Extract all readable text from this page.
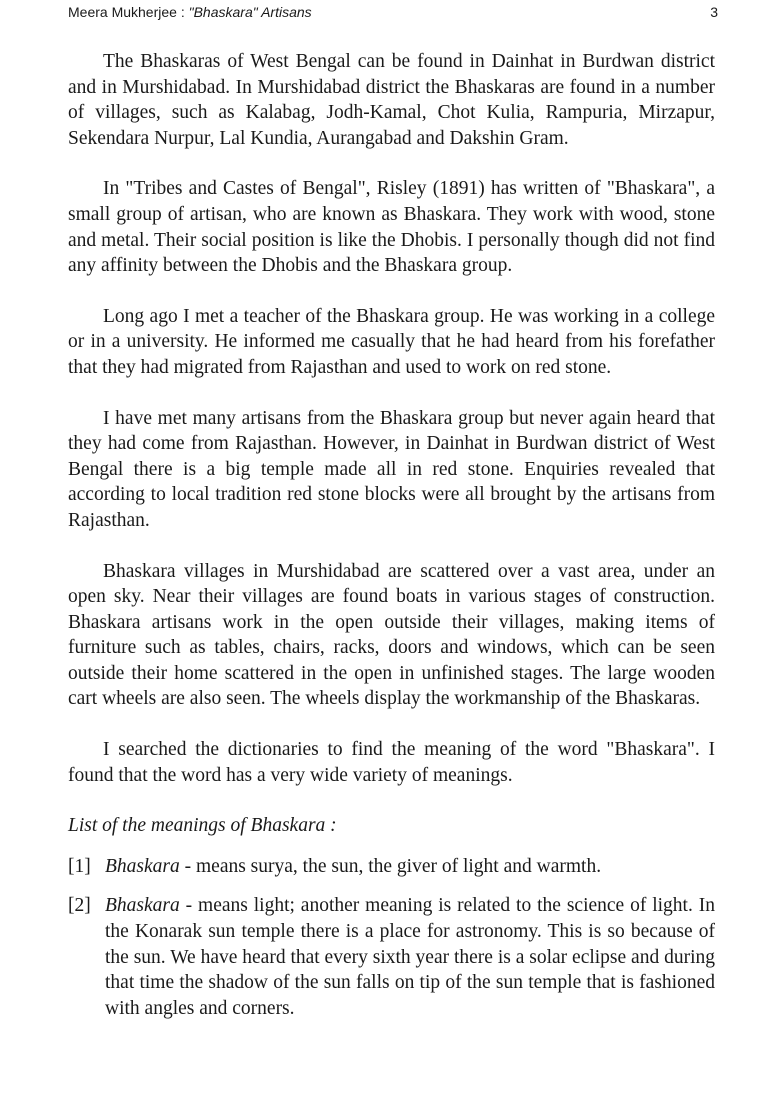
Meera Mukherjee : "Bhaskara" Artisans	3

The Bhaskaras of West Bengal can be found in Dainhat in Burdwan district and in Murshidabad. In Murshidabad district the Bhaskaras are found in a number of villages, such as Kalabag, Jodh-Kamal, Chot Kulia, Rampuria, Mirzapur, Sekendara Nurpur, Lal Kundia, Aurangabad and Dakshin Gram.

In "Tribes and Castes of Bengal", Risley (1891) has written of "Bhaskara", a small group of artisan, who are known as Bhaskara. They work with wood, stone and metal. Their social position is like the Dhobis. I personally though did not find any affinity between the Dhobis and the Bhaskara group.

Long ago I met a teacher of the Bhaskara group. He was working in a college or in a university. He informed me casually that he had heard from his forefather that they had migrated from Rajasthan and used to work on red stone.

I have met many artisans from the Bhaskara group but never again heard that they had come from Rajasthan. However, in Dainhat in Burdwan district of West Bengal there is a big temple made all in red stone. Enquiries revealed that according to local tradition red stone blocks were all brought by the artisans from Rajasthan.

Bhaskara villages in Murshidabad are scattered over a vast area, under an open sky. Near their villages are found boats in various stages of construction. Bhaskara artisans work in the open outside their villages, making items of furniture such as tables, chairs, racks, doors and windows, which can be seen outside their home scattered in the open in unfinished stages. The large wooden cart wheels are also seen. The wheels display the workmanship of the Bhaskaras.

I searched the dictionaries to find the meaning of the word "Bhaskara". I found that the word has a very wide variety of meanings.

List of the meanings of Bhaskara :

[1] Bhaskara - means surya, the sun, the giver of light and warmth.
[2] Bhaskara - means light; another meaning is related to the science of light. In the Konarak sun temple there is a place for astronomy. This is so because of the sun. We have heard that every sixth year there is a solar eclipse and during that time the shadow of the sun falls on tip of the sun temple that is fashioned with angles and corners.
